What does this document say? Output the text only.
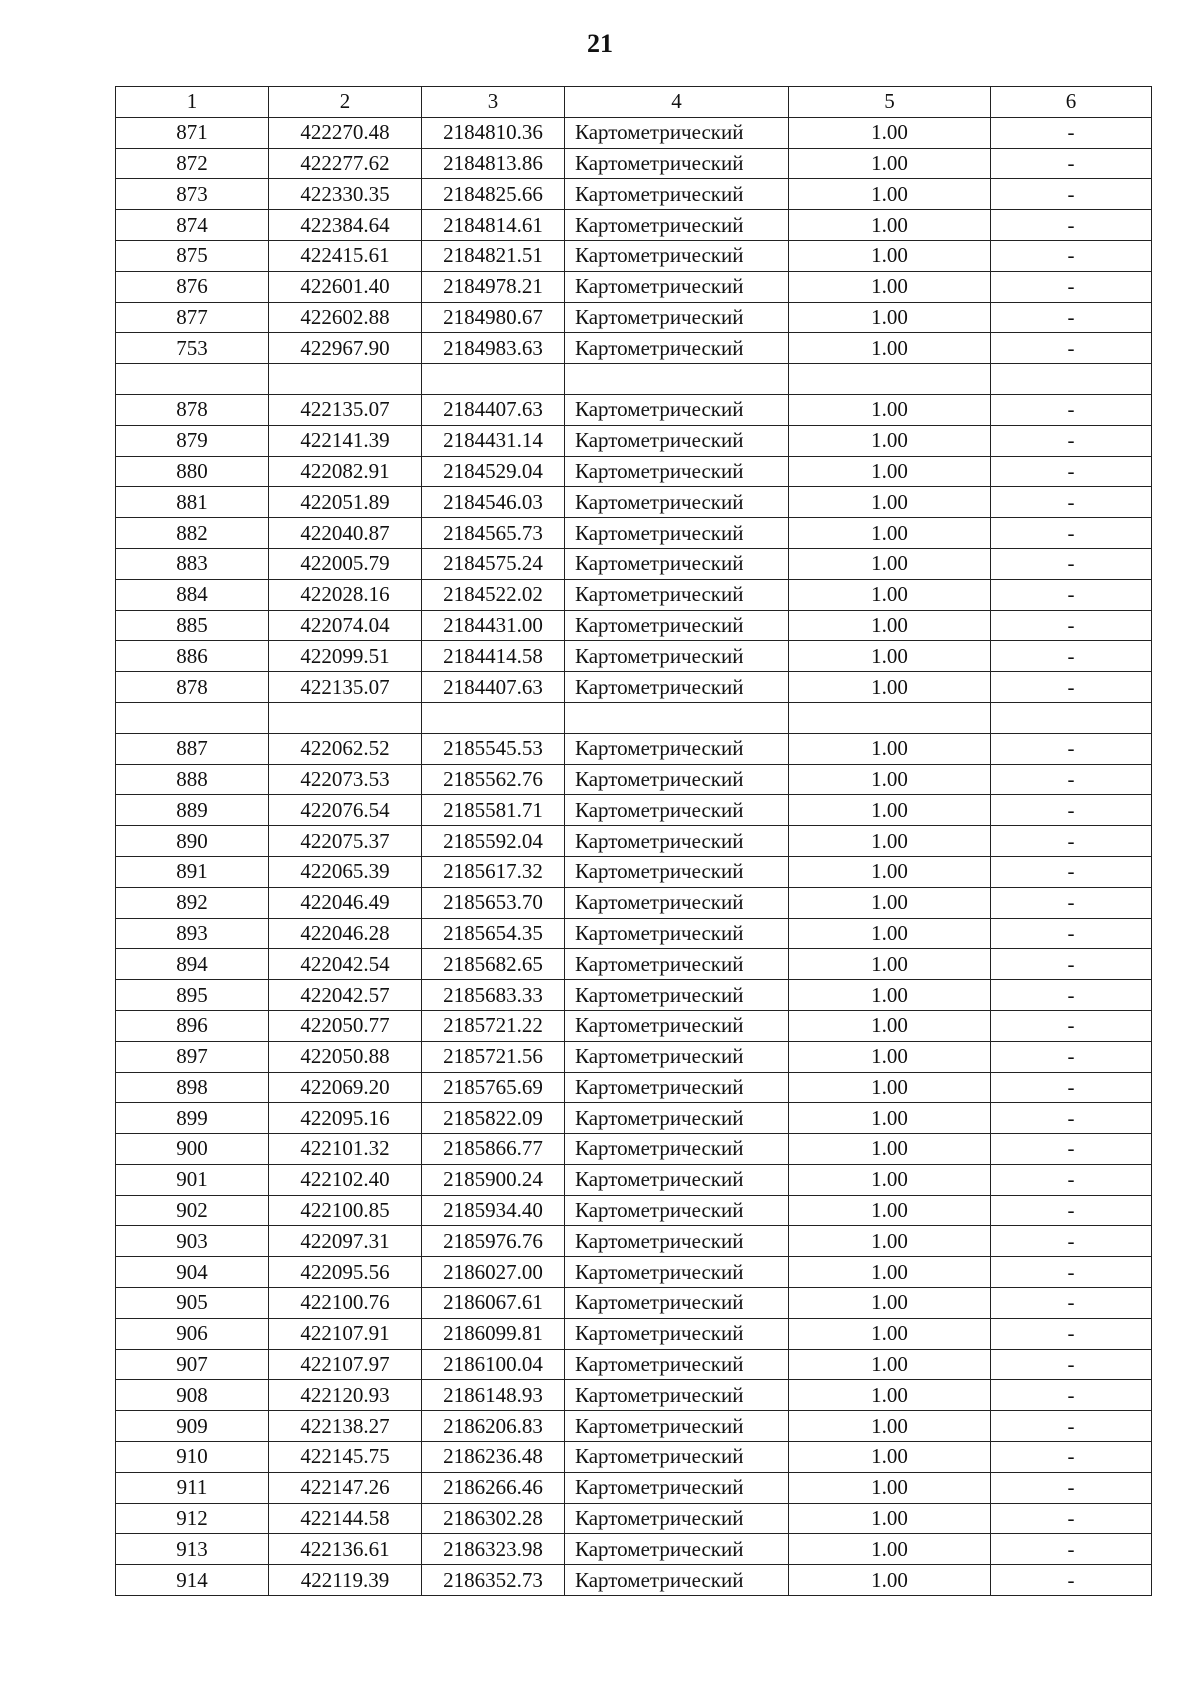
21
1	2	3	4	5	6
871	422270.48	2184810.36	Картометрический	1.00	-
872	422277.62	2184813.86	Картометрический	1.00	-
873	422330.35	2184825.66	Картометрический	1.00	-
874	422384.64	2184814.61	Картометрический	1.00	-
875	422415.61	2184821.51	Картометрический	1.00	-
876	422601.40	2184978.21	Картометрический	1.00	-
877	422602.88	2184980.67	Картометрический	1.00	-
753	422967.90	2184983.63	Картометрический	1.00	-

878	422135.07	2184407.63	Картометрический	1.00	-
879	422141.39	2184431.14	Картометрический	1.00	-
880	422082.91	2184529.04	Картометрический	1.00	-
881	422051.89	2184546.03	Картометрический	1.00	-
882	422040.87	2184565.73	Картометрический	1.00	-
883	422005.79	2184575.24	Картометрический	1.00	-
884	422028.16	2184522.02	Картометрический	1.00	-
885	422074.04	2184431.00	Картометрический	1.00	-
886	422099.51	2184414.58	Картометрический	1.00	-
878	422135.07	2184407.63	Картометрический	1.00	-

887	422062.52	2185545.53	Картометрический	1.00	-
888	422073.53	2185562.76	Картометрический	1.00	-
889	422076.54	2185581.71	Картометрический	1.00	-
890	422075.37	2185592.04	Картометрический	1.00	-
891	422065.39	2185617.32	Картометрический	1.00	-
892	422046.49	2185653.70	Картометрический	1.00	-
893	422046.28	2185654.35	Картометрический	1.00	-
894	422042.54	2185682.65	Картометрический	1.00	-
895	422042.57	2185683.33	Картометрический	1.00	-
896	422050.77	2185721.22	Картометрический	1.00	-
897	422050.88	2185721.56	Картометрический	1.00	-
898	422069.20	2185765.69	Картометрический	1.00	-
899	422095.16	2185822.09	Картометрический	1.00	-
900	422101.32	2185866.77	Картометрический	1.00	-
901	422102.40	2185900.24	Картометрический	1.00	-
902	422100.85	2185934.40	Картометрический	1.00	-
903	422097.31	2185976.76	Картометрический	1.00	-
904	422095.56	2186027.00	Картометрический	1.00	-
905	422100.76	2186067.61	Картометрический	1.00	-
906	422107.91	2186099.81	Картометрический	1.00	-
907	422107.97	2186100.04	Картометрический	1.00	-
908	422120.93	2186148.93	Картометрический	1.00	-
909	422138.27	2186206.83	Картометрический	1.00	-
910	422145.75	2186236.48	Картометрический	1.00	-
911	422147.26	2186266.46	Картометрический	1.00	-
912	422144.58	2186302.28	Картометрический	1.00	-
913	422136.61	2186323.98	Картометрический	1.00	-
914	422119.39	2186352.73	Картометрический	1.00	-
